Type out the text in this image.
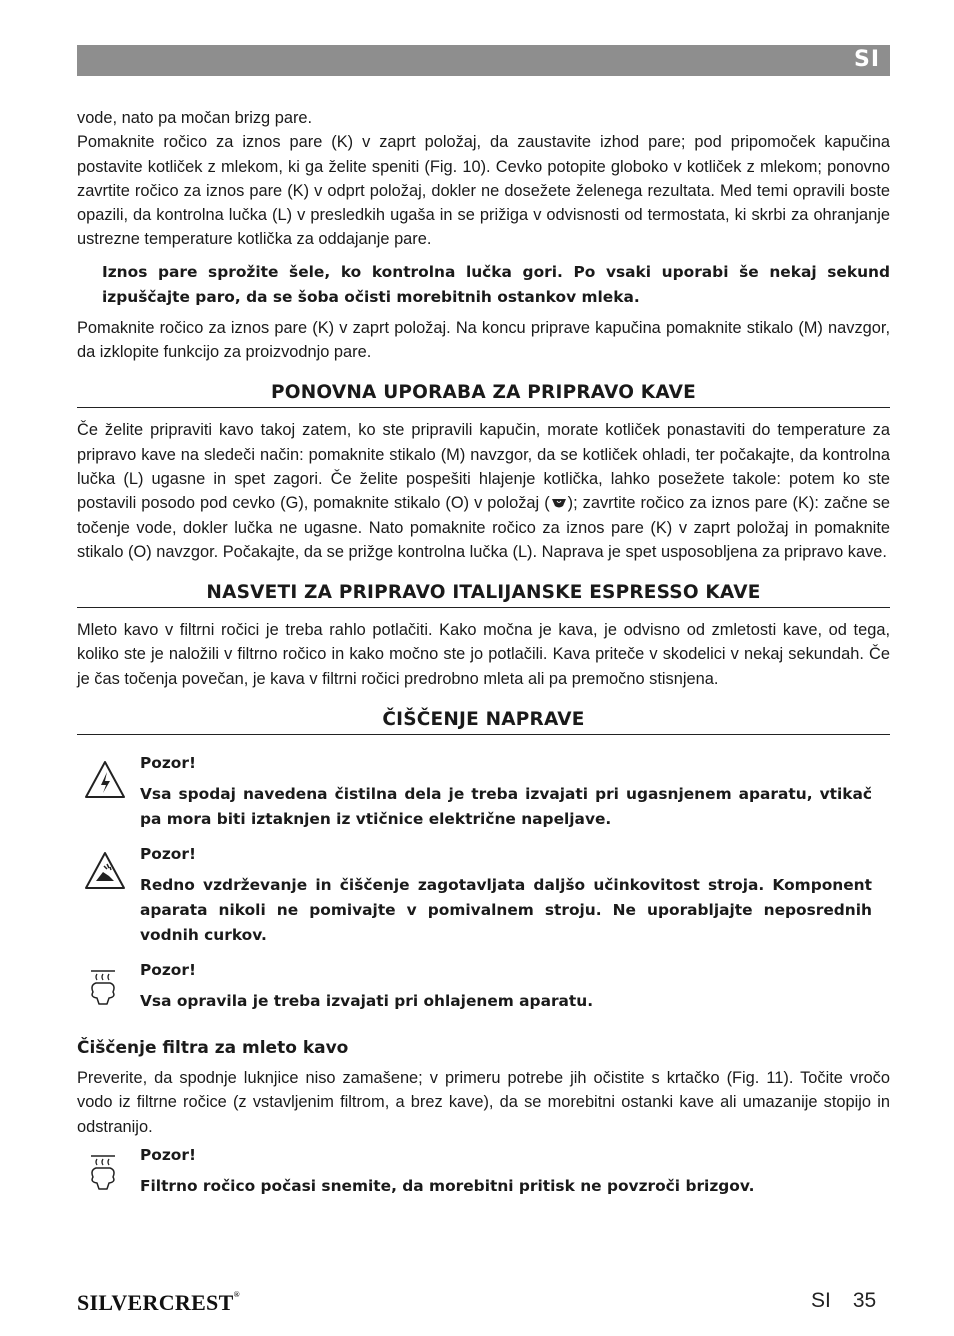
SI

vode, nato pa močan brizg pare.

Pomaknite ročico za iznos pare (K) v zaprt položaj, da zaustavite izhod pare; pod pripomoček kapučina postavite kotliček z mlekom, ki ga želite speniti (Fig. 10). Cevko potopite globoko v kotliček z mlekom; ponovno zavrtite ročico za iznos pare (K) v odprt položaj, dokler ne dosežete želenega rezultata. Med temi opravili boste opazili, da kontrolna lučka (L) v presledkih ugaša in se prižiga v odvisnosti od termostata, ki skrbi za ohranjanje ustrezne temperature kotlička za oddajanje pare.

Iznos pare sprožite šele, ko kontrolna lučka gori. Po vsaki uporabi še nekaj sekund izpuščajte paro, da se šoba očisti morebitnih ostankov mleka.

Pomaknite ročico za iznos pare (K) v zaprt položaj. Na koncu priprave kapučina pomaknite stikalo (M) navzgor, da izklopite funkcijo za proizvodnjo pare.

PONOVNA UPORABA ZA PRIPRAVO KAVE

Če želite pripraviti kavo takoj zatem, ko ste pripravili kapučin, morate kotliček ponastaviti do temperature za pripravo kave na sledeči način: pomaknite stikalo (M) navzgor, da se kotliček ohladi, ter počakajte, da kontrolna lučka (L) ugasne in spet zagori. Če želite pospešiti hlajenje kotlička, lahko posežete takole: potem ko ste postavili posodo pod cevko (G), pomaknite stikalo (O) v položaj ( ); zavrtite ročico za iznos pare (K): začne se točenje vode, dokler lučka ne ugasne. Nato pomaknite ročico za iznos pare (K) v zaprt položaj in pomaknite stikalo (O) navzgor. Počakajte, da se prižge kontrolna lučka (L). Naprava je spet usposobljena za pripravo kave.

NASVETI ZA PRIPRAVO ITALIJANSKE ESPRESSO KAVE

Mleto kavo v filtrni ročici je treba rahlo potlačiti. Kako močna je kava, je odvisno od zmletosti kave, od tega, koliko ste je naložili v filtrno ročico in kako močno ste jo potlačili. Kava priteče v skodelici v nekaj sekundah. Če je čas točenja povečan, je kava v filtrni ročici predrobno mleta ali pa premočno stisnjena.

ČIŠČENJE NAPRAVE
Pozor!
Vsa spodaj navedena čistilna dela je treba izvajati pri ugasnjenem aparatu, vtikač pa mora biti iztaknjen iz vtičnice električne napeljave.
Pozor!
Redno vzdrževanje in čiščenje zagotavljata daljšo učinkovitost stroja. Komponent aparata nikoli ne pomivajte v pomivalnem stroju. Ne uporabljajte neposrednih vodnih curkov.
Pozor!
Vsa opravila je treba izvajati pri ohlajenem aparatu.
Čiščenje filtra za mleto kavo

Preverite, da spodnje luknjice niso zamašene; v primeru potrebe jih očistite s krtačko (Fig. 11). Točite vročo vodo iz filtrne ročice (z vstavljenim filtrom, a brez kave), da se morebitni ostanki kave ali umazanije stopijo in odstranijo.

Pozor!
Filtrno ročico počasi snemite, da morebitni pritisk ne povzroči brizgov.
SILVERCREST®	SI 35
